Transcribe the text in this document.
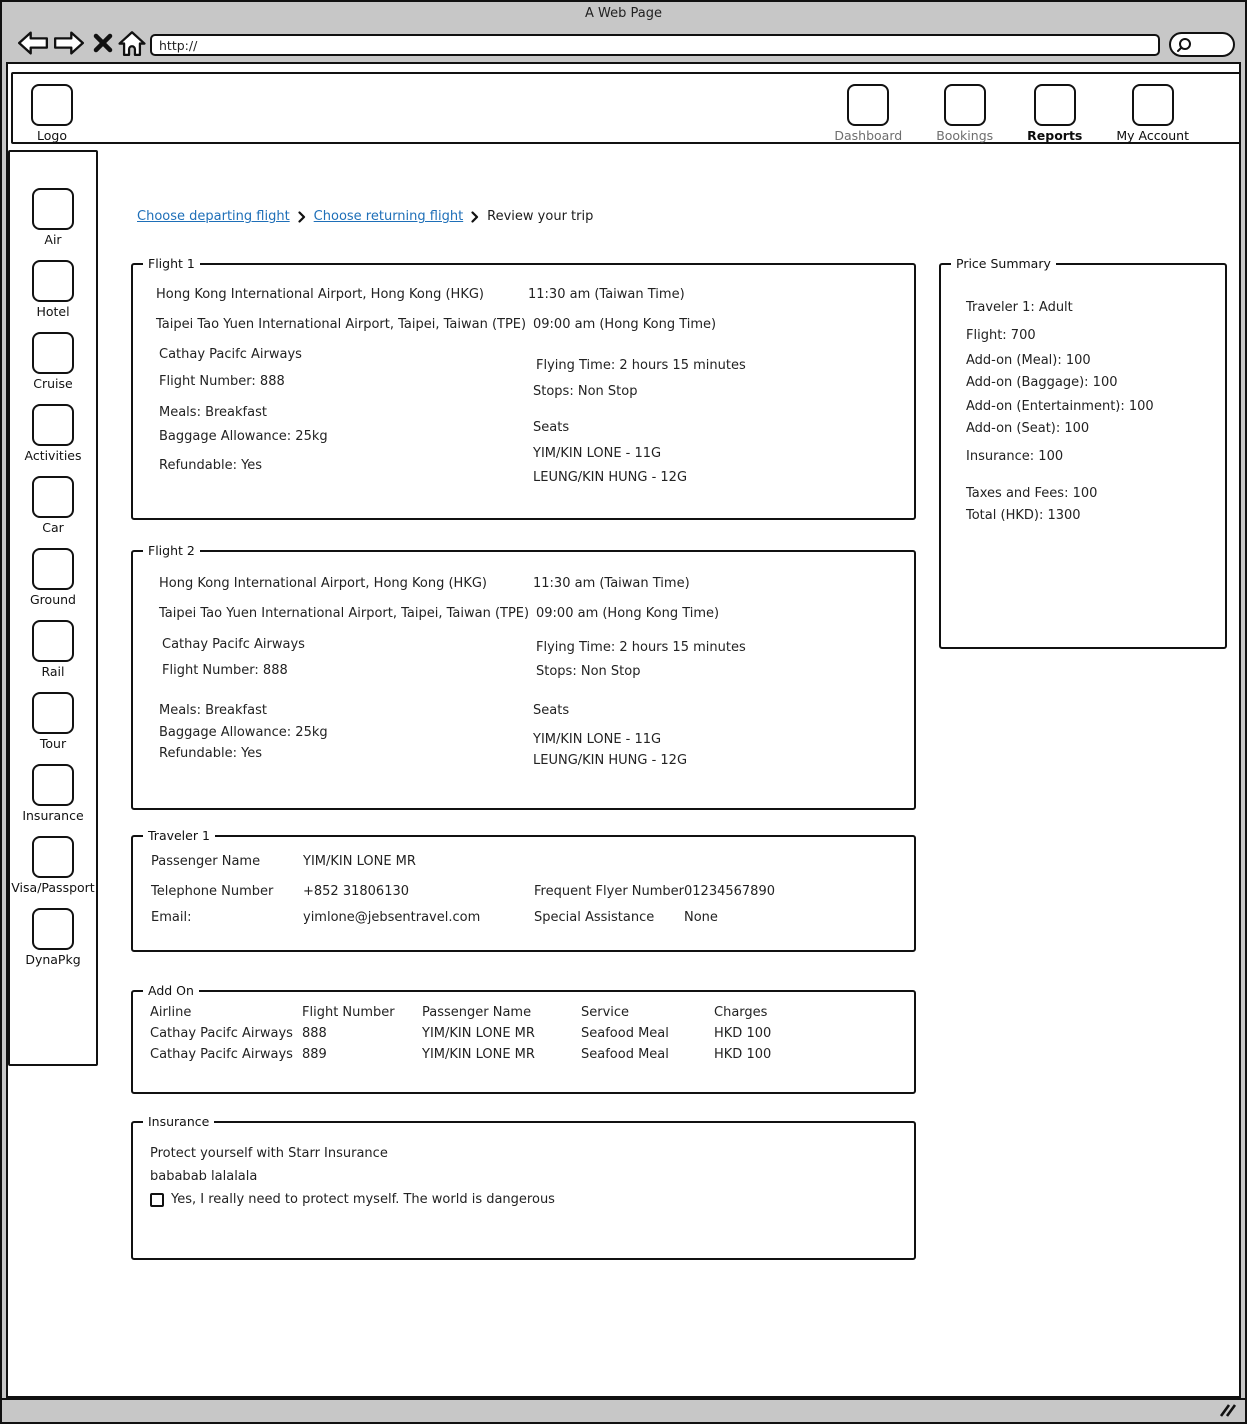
A Web Page
http://
Logo	Dashboard	Bookings	Reports	My Account
Air
Hotel
Cruise
Activities
Car
Ground
Rail
Tour
Insurance
Visa/Passport
DynaPkg
Choose departing flight Choose returning flight Review your trip
Flight 1
Hong Kong International Airport, Hong Kong (HKG)	11:30 am (Taiwan Time)
Taipei Tao Yuen International Airport, Taipei, Taiwan (TPE) 09:00 am (Hong Kong Time)
Cathay Pacifc Airways
Flight Number: 888
Flying Time: 2 hours 15 minutes
Stops: Non Stop
Meals: Breakfast
Baggage Allowance: 25kg
Refundable: Yes
Seats
YIM/KIN LONE - 11G
LEUNG/KIN HUNG - 12G
Flight 2
Hong Kong International Airport, Hong Kong (HKG)	11:30 am (Taiwan Time)
Taipei Tao Yuen International Airport, Taipei, Taiwan (TPE) 09:00 am (Hong Kong Time)
Cathay Pacifc Airways
Flight Number: 888
Flying Time: 2 hours 15 minutes
Stops: Non Stop
Meals: Breakfast
Baggage Allowance: 25kg
Refundable: Yes
Seats
YIM/KIN LONE - 11G
LEUNG/KIN HUNG - 12G
Price Summary
Traveler 1: Adult
Flight: 700
Add-on (Meal): 100
Add-on (Baggage): 100
Add-on (Entertainment): 100
Add-on (Seat): 100
Insurance: 100
Taxes and Fees: 100
Total (HKD): 1300
Traveler 1
Passenger Name	YIM/KIN LONE MR
Telephone Number +852 31806130	Frequent Flyer Number 01234567890
Email:	yimlone@jebsentravel.com	Special Assistance None
Add On
Airline	Flight Number Passenger Name	Service	Charges
Cathay Pacifc Airways 888	YIM/KIN LONE MR	Seafood Meal	HKD 100
Cathay Pacifc Airways 889	YIM/KIN LONE MR	Seafood Meal	HKD 100
Insurance
Protect yourself with Starr Insurance
bababab lalalala
Yes, I really need to protect myself. The world is dangerous
